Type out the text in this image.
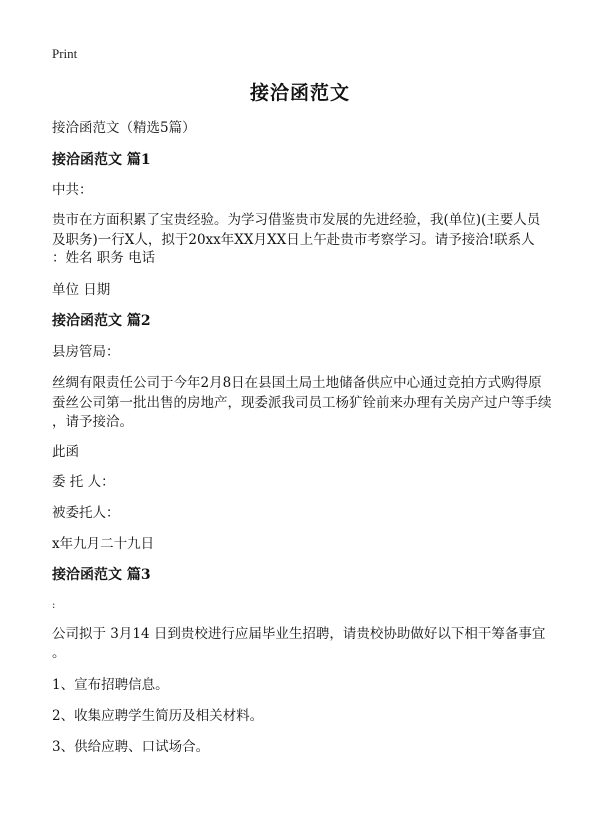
Print
接洽函范文
接洽函范文（精选5篇）
接洽函范文 篇1
中共：
贵市在方面积累了宝贵经验。为学习借鉴贵市发展的先进经验，我(单位)(主要人员
及职务)一行X人，拟于20xx年XX月XX日上午赴贵市考察学习。请予接洽!联系人
：姓名 职务 电话
单位 日期
接洽函范文 篇2
县房管局：
丝绸有限责任公司于今年2月8日在县国土局土地储备供应中心通过竞拍方式购得原
蚕丝公司第一批出售的房地产，现委派我司员工杨犷铨前来办理有关房产过户等手续
，请予接洽。
此函
委 托 人：
被委托人：
x年九月二十九日
接洽函范文 篇3
:
公司拟于 3月14 日到贵校进行应届毕业生招聘，请贵校协助做好以下相干筹备事宜
。
1、宣布招聘信息。
2、收集应聘学生简历及相关材料。
3、供给应聘、口试场合。
